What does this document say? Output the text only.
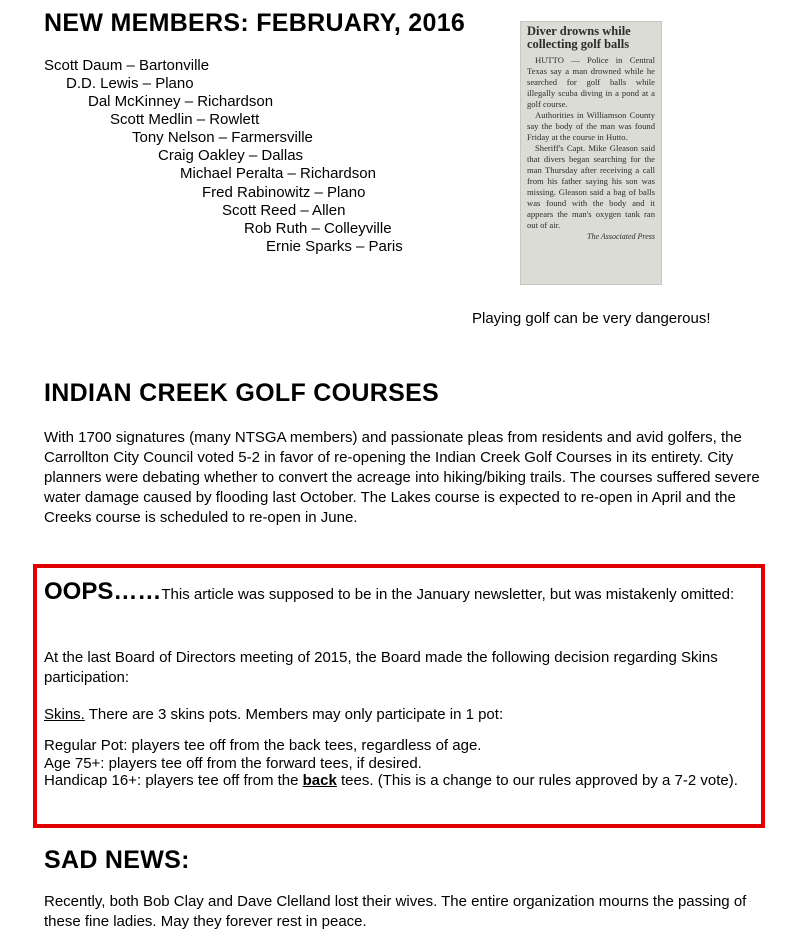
NEW MEMBERS: FEBRUARY, 2016
Scott Daum – Bartonville
D.D. Lewis – Plano
Dal McKinney – Richardson
Scott Medlin – Rowlett
Tony Nelson – Farmersville
Craig Oakley – Dallas
Michael Peralta – Richardson
Fred Rabinowitz – Plano
Scott Reed – Allen
Rob Ruth – Colleyville
Ernie Sparks – Paris
Diver drowns while collecting golf balls

HUTTO — Police in Central Texas say a man drowned while he searched for golf balls while illegally scuba diving in a pond at a golf course.

Authorities in Williamson County say the body of the man was found Friday at the course in Hutto.

Sheriff's Capt. Mike Gleason said that divers began searching for the man Thursday after receiving a call from his father saying his son was missing. Gleason said a bag of balls was found with the body and it appears the man's oxygen tank ran out of air.

The Associated Press
Playing golf can be very dangerous!
INDIAN CREEK GOLF COURSES
With 1700 signatures (many NTSGA members) and passionate pleas from residents and avid golfers, the Carrollton City Council voted 5-2 in favor of re-opening the Indian Creek Golf Courses in its entirety. City planners were debating whether to convert the acreage into hiking/biking trails. The courses suffered severe water damage caused by flooding last October. The Lakes course is expected to re-open in April and the Creeks course is scheduled to re-open in June.
OOPS……This article was supposed to be in the January newsletter, but was mistakenly omitted:
At the last Board of Directors meeting of 2015, the Board made the following decision regarding Skins participation:
Skins. There are 3 skins pots. Members may only participate in 1 pot:
Regular Pot: players tee off from the back tees, regardless of age.
Age 75+: players tee off from the forward tees, if desired.
Handicap 16+: players tee off from the back tees. (This is a change to our rules approved by a 7-2 vote).
SAD NEWS:
Recently, both Bob Clay and Dave Clelland lost their wives. The entire organization mourns the passing of these fine ladies. May they forever rest in peace.
